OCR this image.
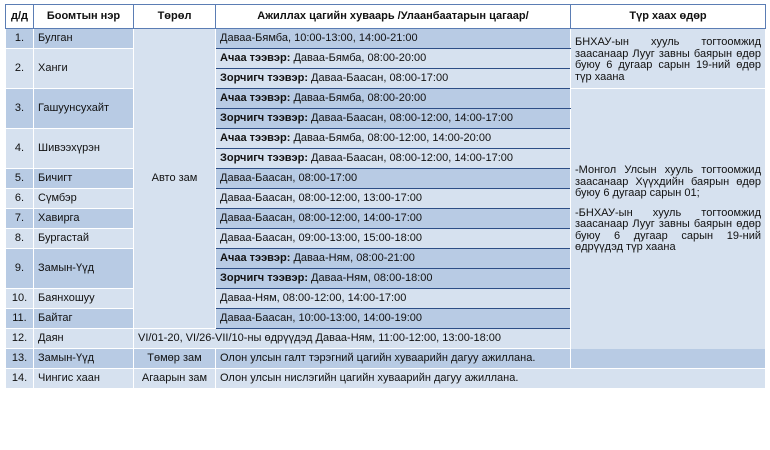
д/д	Боомтын нэр	Төрөл	Ажиллах цагийн хуваарь /Улаанбаатарын цагаар/	Түр хаах өдөр
1.	Булган	Авто зам	Даваа-Бямба, 10:00-13:00, 14:00-21:00	БНХАУ-ын хууль тогтоомжид заасанаар Лууг завны баярын өдөр буюу 6 дугаар сарын 19-ний өдөр түр хаана
2.	Ханги		Ачаа тээвэр: Даваа-Бямба, 08:00-20:00	
			Зорчигч тээвэр: Даваа-Баасан, 08:00-17:00	
3.	Гашуунсухайт		Ачаа тээвэр: Даваа-Бямба, 08:00-20:00	-Монгол Улсын хууль тогтоомжид заасанаар Хүүхдийн баярын өдөр буюу 6 дугаар сарын 01;
-БНХАУ-ын хууль тогтоомжид заасанаар Лууг завны баярын өдөр буюу 6 дугаар сарын 19-ний өдрүүдэд түр хаана

			Зорчигч тээвэр: Даваа-Баасан, 08:00-12:00, 14:00-17:00	
4.	Шивээхүрэн		Ачаа тээвэр: Даваа-Бямба, 08:00-12:00, 14:00-20:00	
			Зорчигч тээвэр: Даваа-Баасан, 08:00-12:00, 14:00-17:00	
5.	Бичигт		Даваа-Баасан, 08:00-17:00	
6.	Сүмбэр		Даваа-Баасан, 08:00-12:00, 13:00-17:00	
7.	Хавирга		Даваа-Баасан, 08:00-12:00, 14:00-17:00	
8.	Бургастай		Даваа-Баасан, 09:00-13:00, 15:00-18:00	
9.	Замын-Үүд		Ачаа тээвэр: Даваа-Ням, 08:00-21:00	
			Зорчигч тээвэр: Даваа-Ням, 08:00-18:00	
10.	Баянхошуу		Даваа-Ням, 08:00-12:00, 14:00-17:00	
11.	Байтаг		Даваа-Баасан, 10:00-13:00, 14:00-19:00	
12.	Даян	VI/01-20, VI/26-VII/10-ны өдрүүдэд Даваа-Ням, 11:00-12:00, 13:00-18:00		
13.	Замын-Үүд	Төмөр зам	Олон улсын галт тэрэгний цагийн хуваарийн дагуу ажиллана.	
14.	Чингис хаан	Агаарын зам	Олон улсын нислэгийн цагийн хуваарийн дагуу ажиллана.	
